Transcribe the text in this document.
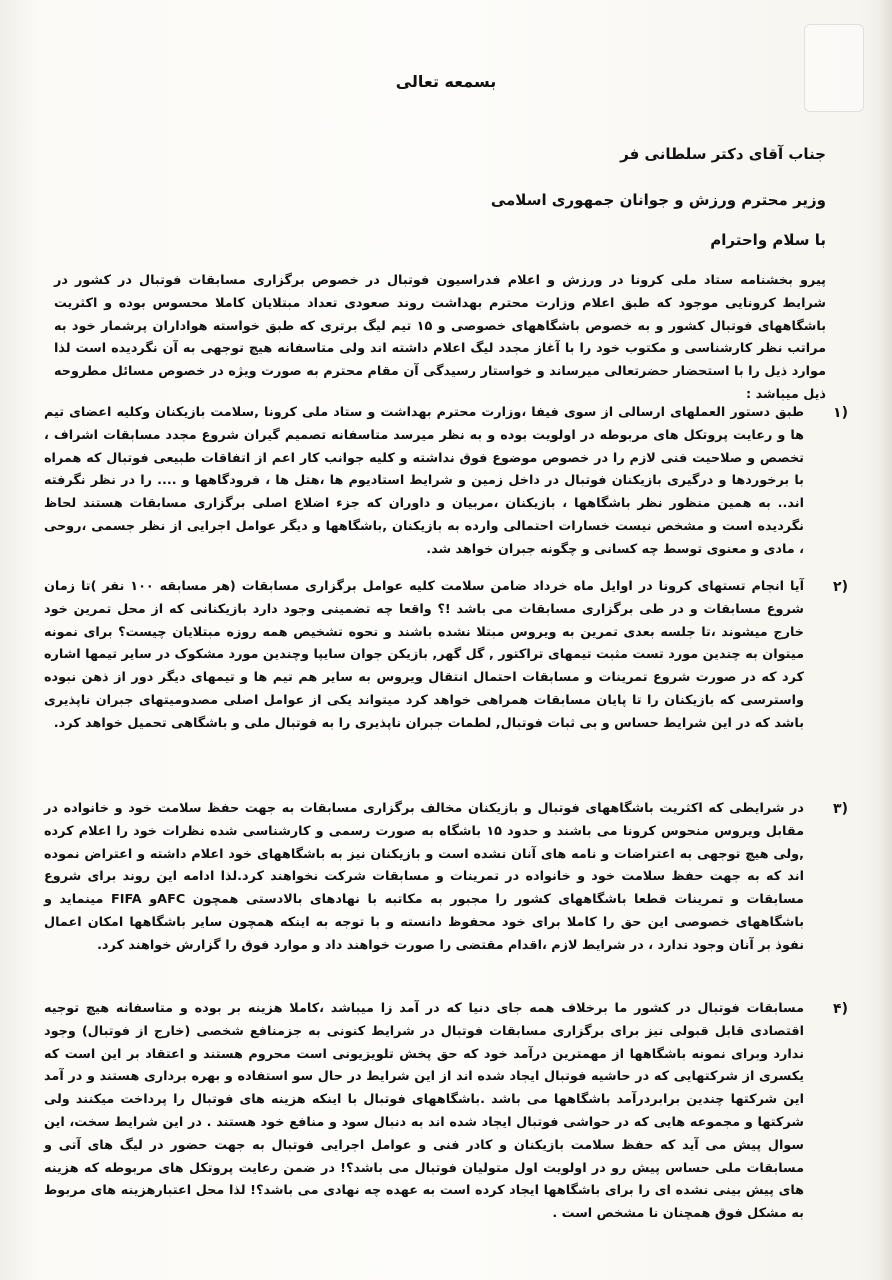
بسمعه تعالی
جناب آقای دکتر سلطانی فر
وزیر محترم ورزش و جوانان جمهوری اسلامی
با سلام واحترام

پیرو بخشنامه ستاد ملی کرونا در ورزش و اعلام فدراسیون فوتبال در خصوص برگزاری مسابقات فوتبال در کشور در شرایط کرونایی موجود که طبق اعلام وزارت محترم بهداشت روند صعودی تعداد مبتلایان کاملا محسوس بوده و اکثریت باشگاههای فوتبال کشور و به خصوص باشگاههای خصوصی و ۱۵ تیم لیگ برتری که طبق خواسته هواداران پرشمار خود به مراتب نظر کارشناسی و مکتوب خود را با آغاز مجدد لیگ اعلام داشته اند ولی متاسفانه هیچ توجهی به آن نگردیده است لذا موارد ذیل را با استحضار حضرتعالی میرساند و خواستار رسیدگی آن مقام محترم به صورت ویژه در خصوص مسائل مطروحه ذیل میباشد :

(۱

طبق دستور العملهای ارسالی از سوی فیفا ،وزارت محترم بهداشت و ستاد ملی کرونا ,سلامت بازیکنان وکلیه اعضای تیم ها و رعایت پروتکل های مربوطه در اولویت بوده و به نظر میرسد متاسفانه تصمیم گیران شروع مجدد مسابقات اشراف ، تخصص و صلاحیت فنی لازم را در خصوص موضوع فوق نداشته و کلیه جوانب کار اعم از اتفاقات طبیعی فوتبال که همراه با برخوردها و درگیری بازیکنان فوتبال در داخل زمین و شرایط استادیوم ها ،هتل ها ، فرودگاهها و .... را در نظر نگرفته اند.. به همین منظور نظر باشگاهها ، بازیکنان ،مربیان و داوران که جزء اضلاع اصلی برگزاری مسابقات هستند لحاظ نگردیده است و مشخص نیست خسارات احتمالی وارده به بازیکنان ,باشگاهها و دیگر عوامل اجرایی از نظر جسمی ،روحی ، مادی و معنوی توسط چه کسانی و چگونه جبران خواهد شد.

(۲

آیا انجام تستهای کرونا در اوایل ماه خرداد ضامن سلامت کلیه عوامل برگزاری مسابقات (هر مسابقه ۱۰۰ نفر )تا زمان شروع مسابقات و در طی برگزاری مسابقات می باشد !؟ واقعا چه تضمینی وجود دارد بازیکنانی که از محل تمرین خود خارج میشوند ،تا جلسه بعدی تمرین به ویروس مبتلا نشده باشند و نحوه تشخیص همه روزه مبتلایان چیست؟ برای نمونه میتوان به چندین مورد تست مثبت تیمهای تراکتور , گل گهر, بازیکن جوان سایپا وچندین مورد مشکوک در سایر تیمها اشاره کرد که در صورت شروع تمرینات و مسابقات احتمال انتقال ویروس به سایر هم تیم ها و تیمهای دیگر دور از ذهن نبوده واسترسی که بازیکنان را تا پایان مسابقات همراهی خواهد کرد میتواند یکی از عوامل اصلی مصدومیتهای جبران ناپذیری باشد که در این شرایط حساس و بی ثبات فوتبال, لطمات جبران ناپذیری را به فوتبال ملی و باشگاهی تحمیل خواهد کرد.

(۳

در شرایطی که اکثریت باشگاههای فوتبال و بازیکنان مخالف برگزاری مسابقات به جهت حفظ سلامت خود و خانواده در مقابل ویروس منحوس کرونا می باشند و حدود ۱۵ باشگاه به صورت رسمی و کارشناسی شده نظرات خود را اعلام کرده ,ولی هیچ توجهی به اعتراضات و نامه های آنان نشده است و بازیکنان نیز به باشگاههای خود اعلام داشته و اعتراض نموده اند که به جهت حفظ سلامت خود و خانواده در تمرینات و مسابقات شرکت نخواهند کرد.لذا ادامه این روند برای شروع مسابقات و تمرینات قطعا باشگاههای کشور را مجبور به مکاتبه با نهادهای بالادستی همچون AFCو FIFA مینماید و باشگاههای خصوصی این حق را کاملا برای خود محفوظ دانسته و با توجه به اینکه همچون سایر باشگاهها امکان اعمال نفوذ بر آنان وجود ندارد ، در شرایط لازم ،اقدام مقتضی را صورت خواهند داد و موارد فوق را گزارش خواهند کرد.

(۴

مسابقات فوتبال در کشور ما برخلاف همه جای دنیا که در آمد زا میباشد ،کاملا هزینه بر بوده و متاسفانه هیچ توجیه اقتصادی قابل قبولی نیز برای برگزاری مسابقات فوتبال در شرایط کنونی به جزمنافع شخصی (خارج از فوتبال) وجود ندارد وبرای نمونه باشگاهها از مهمترین درآمد خود که حق پخش تلویزیونی است محروم هستند و اعتقاد بر این است که یکسری از شرکتهایی که در حاشیه فوتبال ایجاد شده اند از این شرایط در حال سو استفاده و بهره برداری هستند و در آمد این شرکتها چندین برابردرآمد باشگاهها می باشد .باشگاههای فوتبال با اینکه هزینه های فوتبال را پرداخت میکنند ولی شرکتها و مجموعه هایی که در حواشی فوتبال ایجاد شده اند به دنبال سود و منافع خود هستند . در این شرایط سخت، این سوال پیش می آید که حفظ سلامت بازیکنان و کادر فنی و عوامل اجرایی فوتبال به جهت حضور در لیگ های آتی و مسابقات ملی حساس پیش رو در اولویت اول متولیان فوتبال می باشد؟! در ضمن رعایت پروتکل های مربوطه که هزینه های پیش بینی نشده ای را برای باشگاهها ایجاد کرده است به عهده چه نهادی می باشد؟! لذا محل اعتبارهزینه های مربوط به مشکل فوق همچنان نا مشخص است .
